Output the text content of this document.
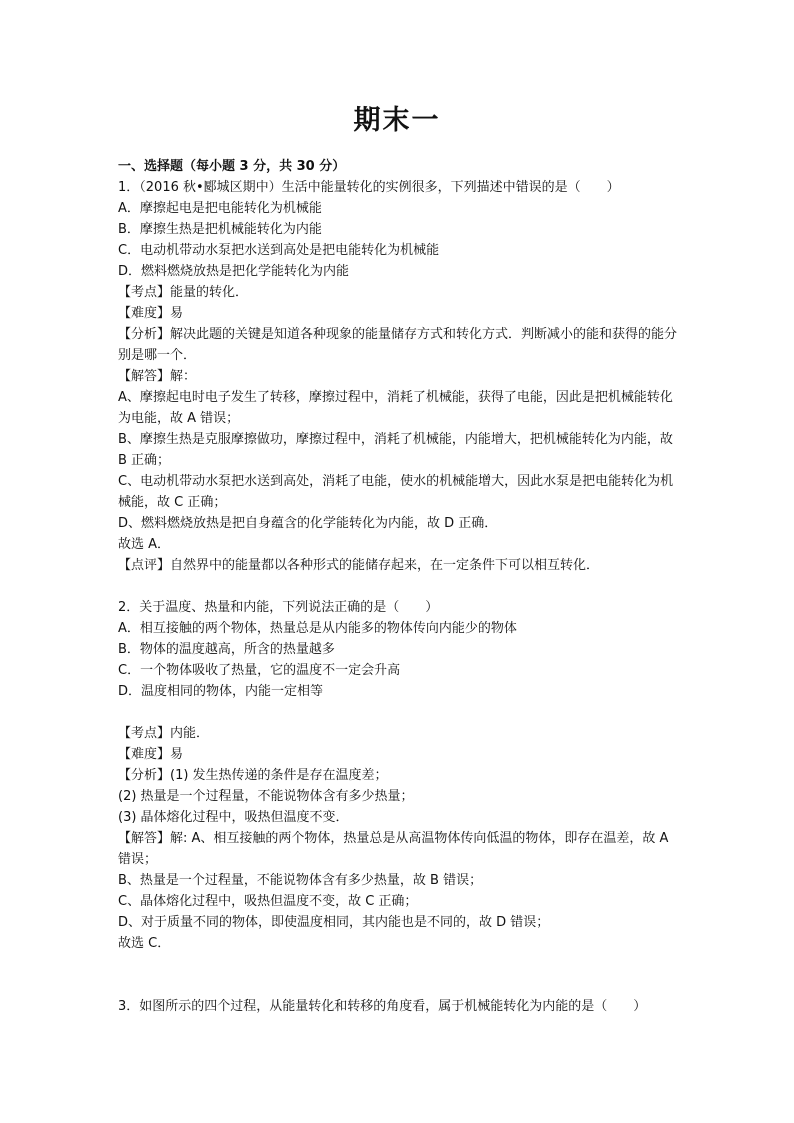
期末一
一、选择题（每小题 3 分，共 30 分）
1．（2016 秋•郾城区期中）生活中能量转化的实例很多，下列描述中错误的是（　　）
A．摩擦起电是把电能转化为机械能
B．摩擦生热是把机械能转化为内能
C．电动机带动水泵把水送到高处是把电能转化为机械能
D．燃料燃烧放热是把化学能转化为内能
【考点】能量的转化．
【难度】易
【分析】解决此题的关键是知道各种现象的能量储存方式和转化方式．判断减小的能和获得的能分别是哪一个．
【解答】解：
A、摩擦起电时电子发生了转移，摩擦过程中，消耗了机械能，获得了电能，因此是把机械能转化为电能，故 A 错误；
B、摩擦生热是克服摩擦做功，摩擦过程中，消耗了机械能，内能增大，把机械能转化为内能，故 B 正确；
C、电动机带动水泵把水送到高处，消耗了电能，使水的机械能增大，因此水泵是把电能转化为机械能，故 C 正确；
D、燃料燃烧放热是把自身蕴含的化学能转化为内能，故 D 正确．
故选 A．
【点评】自然界中的能量都以各种形式的能储存起来，在一定条件下可以相互转化．
2．关于温度、热量和内能，下列说法正确的是（　　）
A．相互接触的两个物体，热量总是从内能多的物体传向内能少的物体
B．物体的温度越高，所含的热量越多
C．一个物体吸收了热量，它的温度不一定会升高
D．温度相同的物体，内能一定相等
【考点】内能．
【难度】易
【分析】(1) 发生热传递的条件是存在温度差；
(2) 热量是一个过程量，不能说物体含有多少热量；
(3) 晶体熔化过程中，吸热但温度不变．
【解答】解: A、相互接触的两个物体，热量总是从高温物体传向低温的物体，即存在温差，故 A 错误；
B、热量是一个过程量，不能说物体含有多少热量，故 B 错误；
C、晶体熔化过程中，吸热但温度不变，故 C 正确；
D、对于质量不同的物体，即使温度相同，其内能也是不同的，故 D 错误；
故选 C．
3．如图所示的四个过程，从能量转化和转移的角度看，属于机械能转化为内能的是（　　）
